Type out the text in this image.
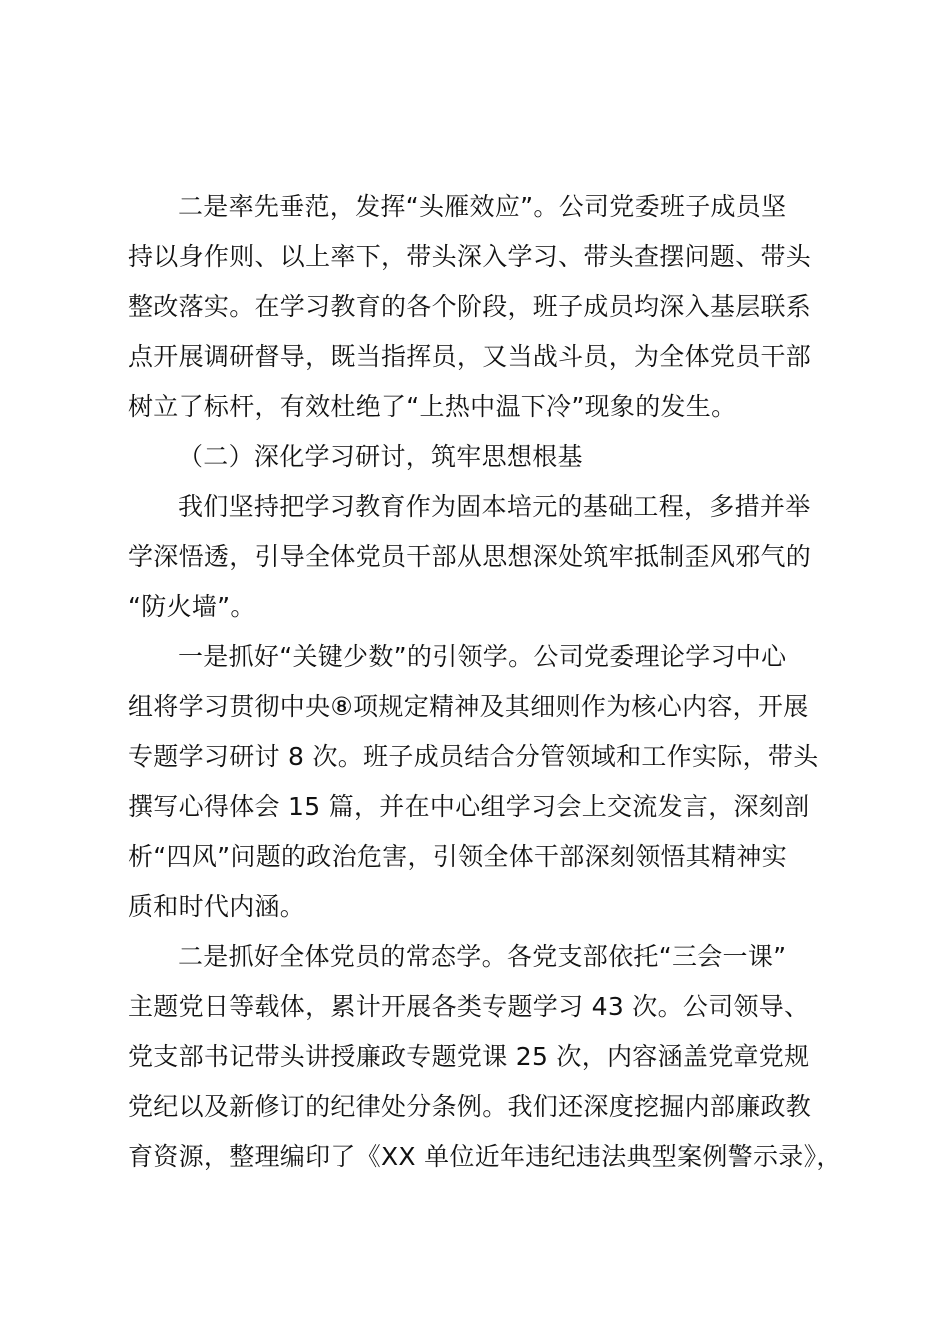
二是率先垂范，发挥“头雁效应”。公司党委班子成员坚
持以身作则、以上率下，带头深入学习、带头查摆问题、带头
整改落实。在学习教育的各个阶段，班子成员均深入基层联系
点开展调研督导，既当指挥员，又当战斗员，为全体党员干部
树立了标杆，有效杜绝了“上热中温下冷”现象的发生。
（二）深化学习研讨，筑牢思想根基
我们坚持把学习教育作为固本培元的基础工程，多措并举
学深悟透，引导全体党员干部从思想深处筑牢抵制歪风邪气的
“防火墙”。
一是抓好“关键少数”的引领学。公司党委理论学习中心
组将学习贯彻中央⑧项规定精神及其细则作为核心内容，开展
专题学习研讨 8 次。班子成员结合分管领域和工作实际，带头
撰写心得体会 15 篇，并在中心组学习会上交流发言，深刻剖
析“四风”问题的政治危害，引领全体干部深刻领悟其精神实
质和时代内涵。
二是抓好全体党员的常态学。各党支部依托“三会一课”
主题党日等载体，累计开展各类专题学习 43 次。公司领导、
党支部书记带头讲授廉政专题党课 25 次，内容涵盖党章党规
党纪以及新修订的纪律处分条例。我们还深度挖掘内部廉政教
育资源，整理编印了《XX 单位近年违纪违法典型案例警示录》，
